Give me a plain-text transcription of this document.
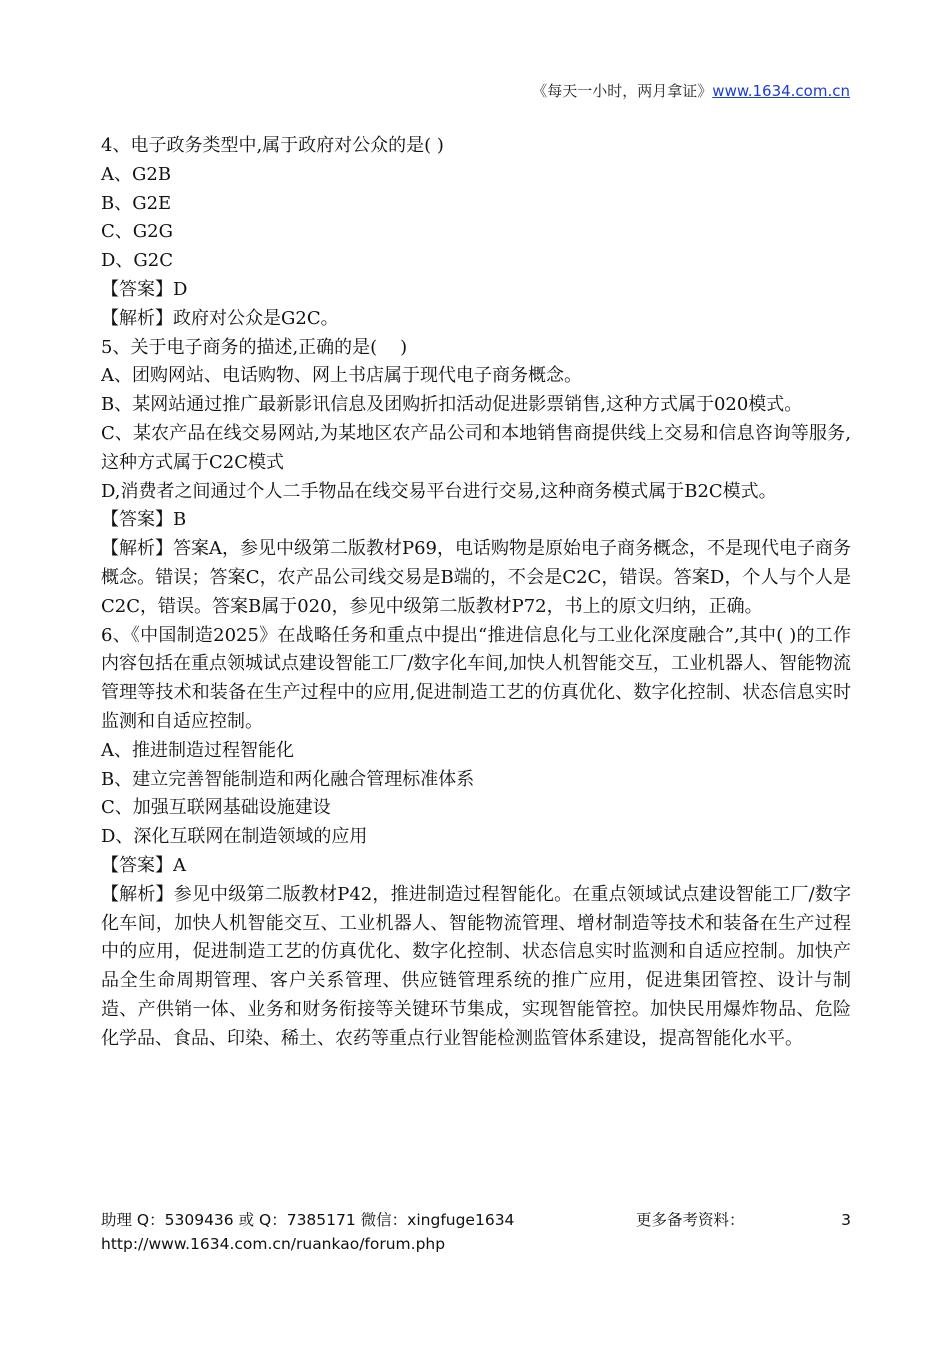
《每天一小时，两月拿证》www.1634.com.cn
4、电子政务类型中,属于政府对公众的是( )
A、G2B
B、G2E
C、G2G
D、G2C
【答案】D
【解析】政府对公众是G2C。
5、关于电子商务的描述,正确的是(    )
A、团购网站、电话购物、网上书店属于现代电子商务概念。
B、某网站通过推广最新影讯信息及团购折扣活动促进影票销售,这种方式属于020模式。
C、某农产品在线交易网站,为某地区农产品公司和本地销售商提供线上交易和信息咨询等服务,这种方式属于C2C模式
D,消费者之间通过个人二手物品在线交易平台进行交易,这种商务模式属于B2C模式。
【答案】B
【解析】答案A，参见中级第二版教材P69，电话购物是原始电子商务概念，不是现代电子商务概念。错误；答案C，农产品公司线交易是B端的，不会是C2C，错误。答案D，个人与个人是C2C，错误。答案B属于020，参见中级第二版教材P72，书上的原文归纳，正确。
6、《中国制造2025》在战略任务和重点中提出“推进信息化与工业化深度融合”,其中( )的工作内容包括在重点领城试点建设智能工厂/数字化车间,加快人机智能交互，工业机器人、智能物流管理等技术和装备在生产过程中的应用,促进制造工艺的仿真优化、数字化控制、状态信息实时监测和自适应控制。
A、推进制造过程智能化
B、建立完善智能制造和两化融合管理标准体系
C、加强互联网基础设施建设
D、深化互联网在制造领域的应用
【答案】A
【解析】参见中级第二版教材P42，推进制造过程智能化。在重点领域试点建设智能工厂/数字化车间，加快人机智能交互、工业机器人、智能物流管理、增材制造等技术和装备在生产过程中的应用，促进制造工艺的仿真优化、数字化控制、状态信息实时监测和自适应控制。加快产品全生命周期管理、客户关系管理、供应链管理系统的推广应用，促进集团管控、设计与制造、产供销一体、业务和财务衔接等关键环节集成，实现智能管控。加快民用爆炸物品、危险化学品、食品、印染、稀土、农药等重点行业智能检测监管体系建设，提高智能化水平。
助理 Q：5309436 或 Q：7385171 微信：xingfuge1634	更多备考资料：	3
http://www.1634.com.cn/ruankao/forum.php
